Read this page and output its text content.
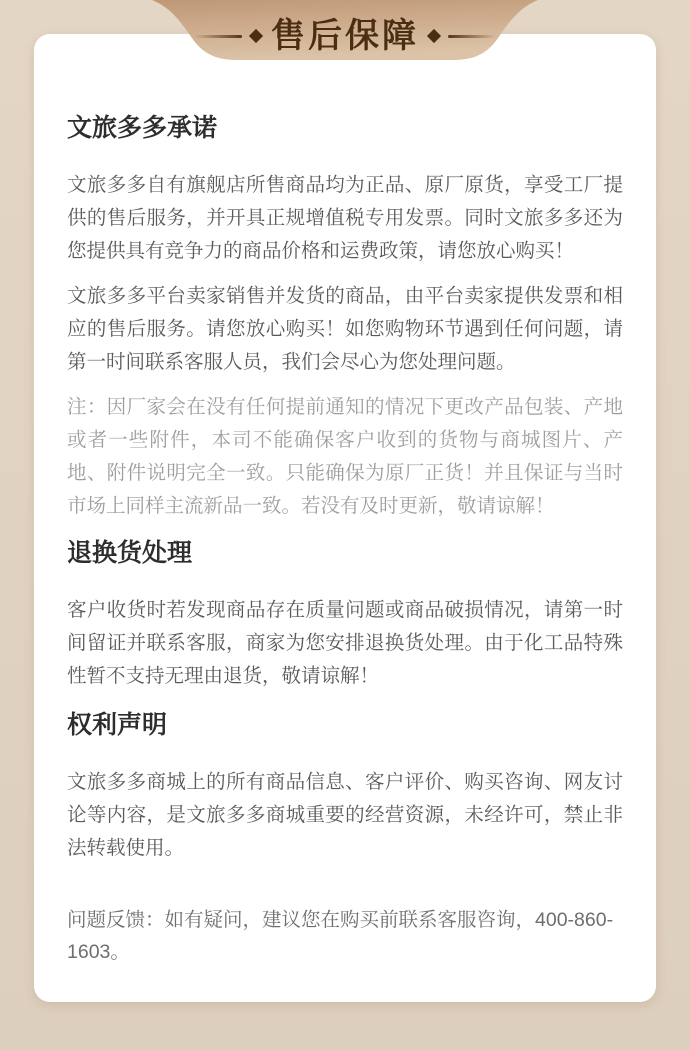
售后保障
文旅多多承诺

文旅多多自有旗舰店所售商品均为正品、原厂原货，享受工厂提供的售后服务，并开具正规增值税专用发票。同时文旅多多还为您提供具有竞争力的商品价格和运费政策，请您放心购买！

文旅多多平台卖家销售并发货的商品，由平台卖家提供发票和相应的售后服务。请您放心购买！如您购物环节遇到任何问题，请第一时间联系客服人员，我们会尽心为您处理问题。

注：因厂家会在没有任何提前通知的情况下更改产品包装、产地或者一些附件，本司不能确保客户收到的货物与商城图片、产地、附件说明完全一致。只能确保为原厂正货！并且保证与当时市场上同样主流新品一致。若没有及时更新，敬请谅解！

退换货处理

客户收货时若发现商品存在质量问题或商品破损情况，请第一时间留证并联系客服，商家为您安排退换货处理。由于化工品特殊性暂不支持无理由退货，敬请谅解！

权利声明

文旅多多商城上的所有商品信息、客户评价、购买咨询、网友讨论等内容，是文旅多多商城重要的经营资源，未经许可，禁止非法转载使用。

问题反馈：如有疑问，建议您在购买前联系客服咨询，400-860-1603。
